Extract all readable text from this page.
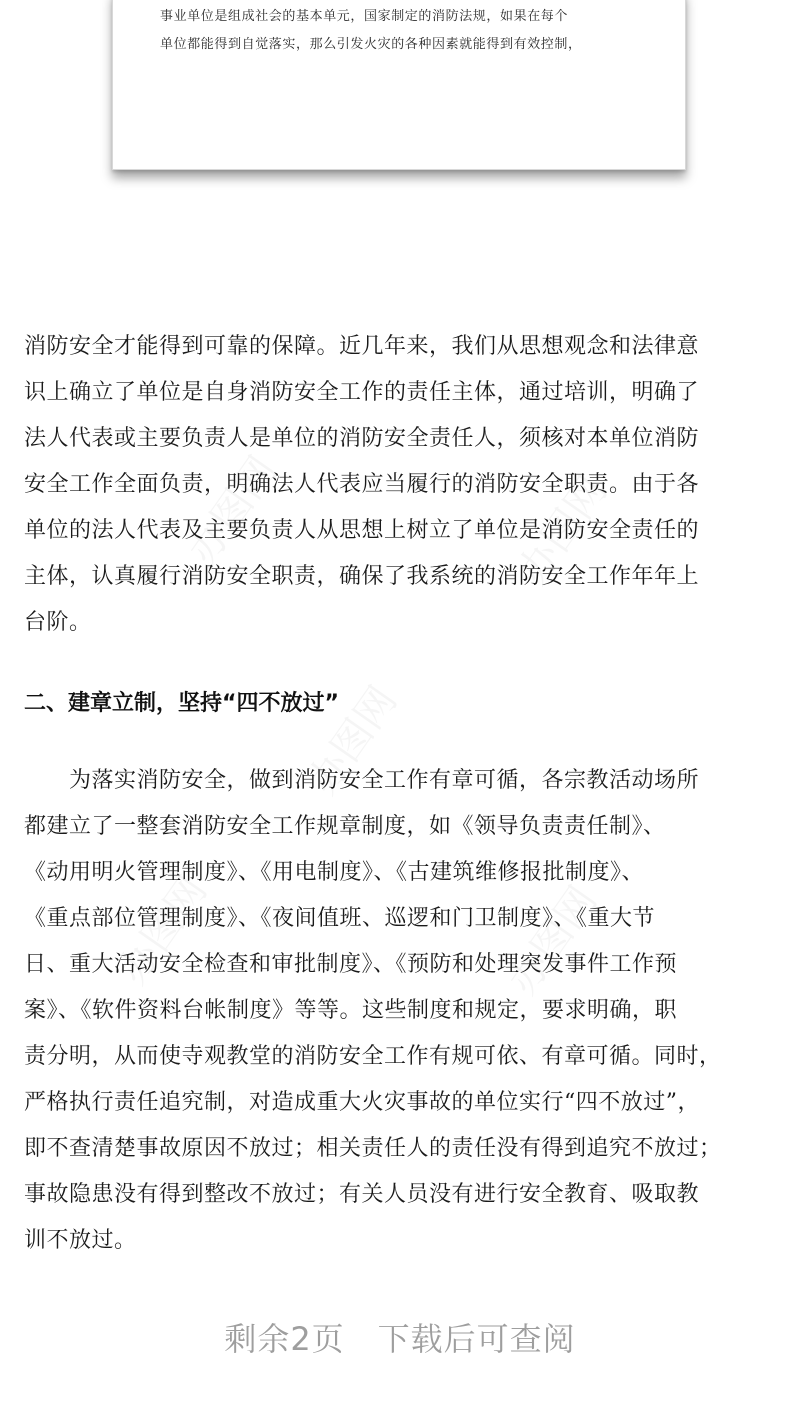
事业单位是组成社会的基本单元，国家制定的消防法规，如果在每个
单位都能得到自觉落实，那么引发火灾的各种因素就能得到有效控制，
办图网	办图网
办图网
办图网	办图网
消防安全才能得到可靠的保障。近几年来，我们从思想观念和法律意
识上确立了单位是自身消防安全工作的责任主体，通过培训，明确了
法人代表或主要负责人是单位的消防安全责任人，须核对本单位消防
安全工作全面负责，明确法人代表应当履行的消防安全职责。由于各
单位的法人代表及主要负责人从思想上树立了单位是消防安全责任的
主体，认真履行消防安全职责，确保了我系统的消防安全工作年年上
台阶。
二、建章立制，坚持“四不放过”
　　为落实消防安全，做到消防安全工作有章可循，各宗教活动场所
都建立了一整套消防安全工作规章制度，如《领导负责责任制》、
《动用明火管理制度》、《用电制度》、《古建筑维修报批制度》、
《重点部位管理制度》、《夜间值班、巡逻和门卫制度》、《重大节
日、重大活动安全检查和审批制度》、《预防和处理突发事件工作预
案》、《软件资料台帐制度》等等。这些制度和规定，要求明确，职
责分明，从而使寺观教堂的消防安全工作有规可依、有章可循。同时，
严格执行责任追究制，对造成重大火灾事故的单位实行“四不放过”，
即不查清楚事故原因不放过；相关责任人的责任没有得到追究不放过；
事故隐患没有得到整改不放过；有关人员没有进行安全教育、吸取教
训不放过。
剩余2页　下载后可查阅
